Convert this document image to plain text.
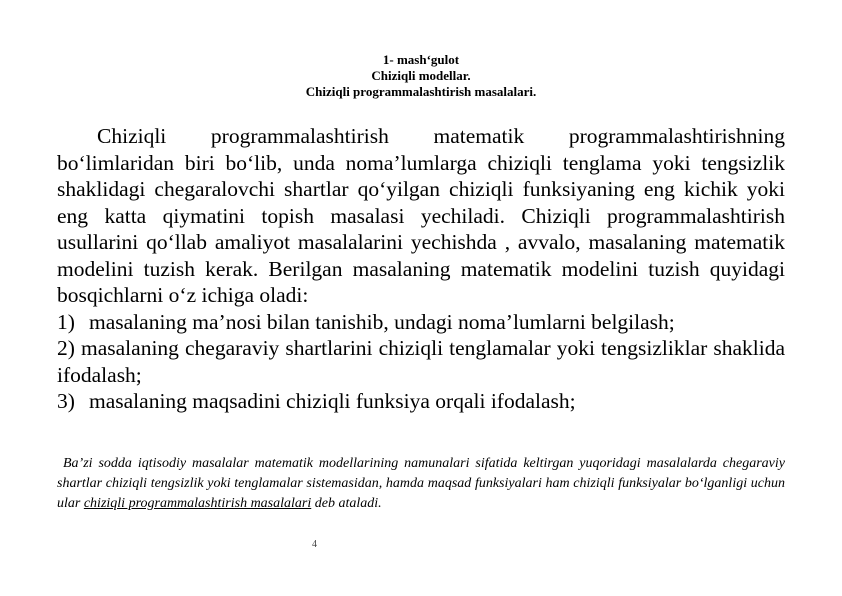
1- mash‘gulot
Chiziqli modellar.
Chiziqli programmalashtirish masalalari.

Chiziqli programmalashtirish matematik programmalashtirishning bo‘limlaridan biri bo‘lib, unda noma’lumlarga chiziqli tenglama yoki tengsizlik shaklidagi chegaralovchi shartlar qo‘yilgan chiziqli funksiyaning eng kichik yoki eng katta qiymatini topish masalasi yechiladi. Chiziqli programmalashtirish usullarini qo‘llab amaliyot masalalarini yechishda , avvalo, masalaning matematik modelini tuzish kerak. Berilgan masalaning matematik modelini tuzish quyidagi bosqichlarni o‘z ichiga oladi:

1) masalaning ma’nosi bilan tanishib, undagi noma’lumlarni belgilash;
2) masalaning chegaraviy shartlarini chiziqli tenglamalar yoki tengsizliklar shaklida ifodalash;
3) masalaning maqsadini chiziqli funksiya orqali ifodalash;
Ba’zi sodda iqtisodiy masalalar matematik modellarining namunalari sifatida keltirgan yuqoridagi masalalarda chegaraviy shartlar chiziqli tengsizlik yoki tenglamalar sistemasidan, hamda maqsad funksiyalari ham chiziqli funksiyalar bo‘lganligi uchun ular chiziqli programmalashtirish masalalari deb ataladi.
4
